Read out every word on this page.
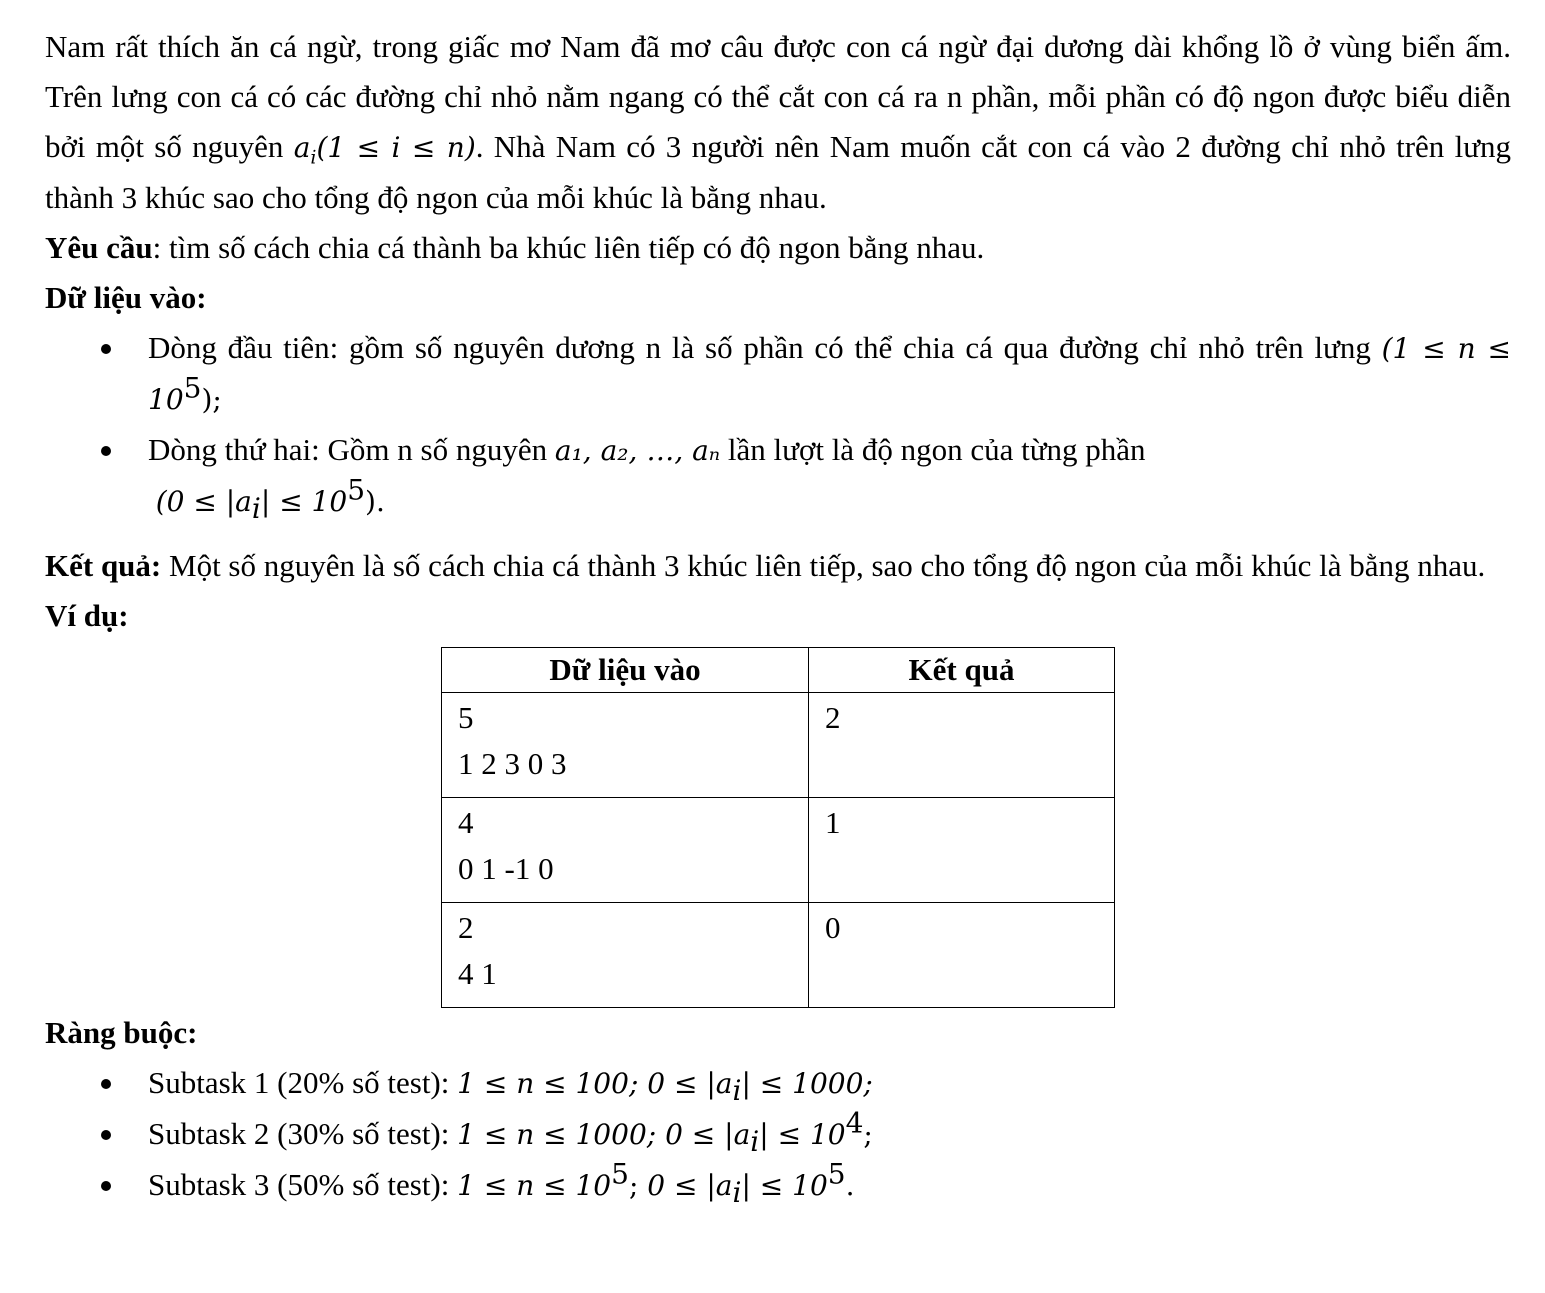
Nam rất thích ăn cá ngừ, trong giấc mơ Nam đã mơ câu được con cá ngừ đại dương dài khổng lồ ở vùng biển ấm. Trên lưng con cá có các đường chỉ nhỏ nằm ngang có thể cắt con cá ra n phần, mỗi phần có độ ngon được biểu diễn bởi một số nguyên $a_i(1 \le i \le n)$. Nhà Nam có 3 người nên Nam muốn cắt con cá vào 2 đường chỉ nhỏ trên lưng thành 3 khúc sao cho tổng độ ngon của mỗi khúc là bằng nhau.

Yêu cầu: tìm số cách chia cá thành ba khúc liên tiếp có độ ngon bằng nhau.

Dữ liệu vào:

Dòng đầu tiên: gồm số nguyên dương n là số phần có thể chia cá qua đường chỉ nhỏ trên lưng $(1 \le n \le 10^5)$;
Dòng thứ hai: Gồm n số nguyên a₁, a₂, …, aₙ lần lượt là độ ngon của từng phần
$(0 \le |a_i| \le 10^5)$.

Kết quả: Một số nguyên là số cách chia cá thành 3 khúc liên tiếp, sao cho tổng độ ngon của mỗi khúc là bằng nhau.

Ví dụ:

Dữ liệu vào	Kết quả

5
1 2 3 0 3	2

4
0 1 -1 0	1

2
4 1	0

Ràng buộc:

Subtask 1 (20% số test): 1 ≤ n ≤ 100; $0 \le |a_i| \le 1000$;
Subtask 2 (30% số test): 1 ≤ n ≤ 1000; $0 \le |a_i| \le 10^4$;
Subtask 3 (50% số test): $1 \le n \le 10^5$; $0 \le |a_i| \le 10^5$.
